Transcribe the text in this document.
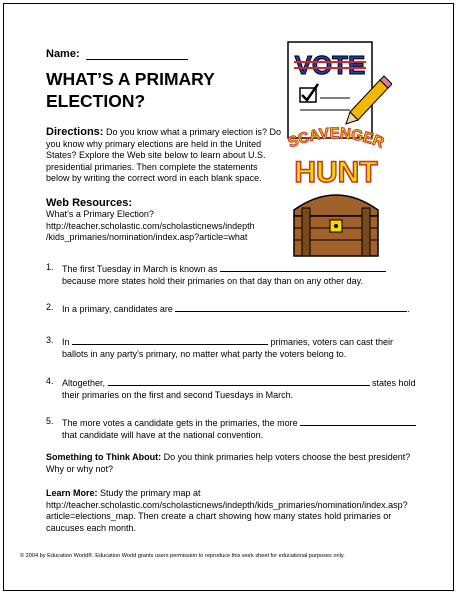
Name:
WHAT’S A PRIMARY
ELECTION?
Directions: Do you know what a primary election is? Do you know why primary elections are held in the United States? Explore the Web site below to learn about U.S. presidential primaries. Then complete the statements below by writing the correct word in each blank space.
Web Resources:
What’s a Primary Election?
http://teacher.scholastic.com/scholasticnews/indepth
/kids_primaries/nomination/index.asp?article=what
1. The first Tuesday in March is known as
because more states hold their primaries on that day than on any other day.
2. In a primary, candidates are	.
3. In	primaries, voters can cast their
ballots in any party’s primary, no matter what party the voters belong to.
4. Altogether,	states hold
their primaries on the first and second Tuesdays in March.
5. The more votes a candidate gets in the primaries, the more
that candidate will have at the national convention.
Something to Think About: Do you think primaries help voters choose the best president? Why or why not?
Learn More: Study the primary map at http://teacher.scholastic.com/scholasticnews/indepth/kids_primaries/nomination/index.asp?article=elections_map. Then create a chart showing how many states hold primaries or caucuses each month.
© 2004 by Education World®. Education World grants users permission to reproduce this work sheet for educational purposes only.
VOTE
SCAVENGER
HUNT
